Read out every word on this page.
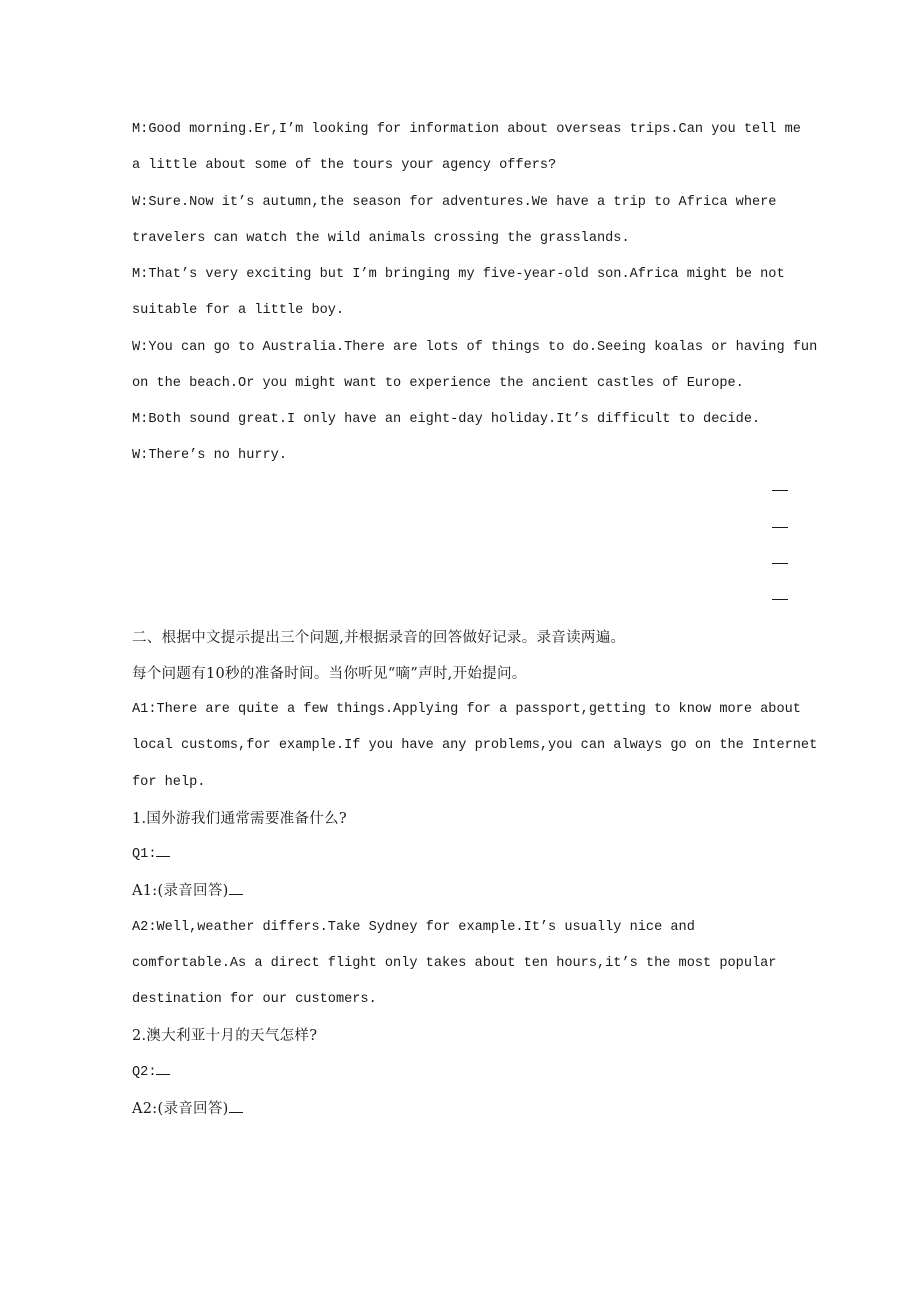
M:Good morning.Er,I’m looking for information about overseas trips.Can you tell me
a little about some of the tours your agency offers?
W:Sure.Now it’s autumn,the season for adventures.We have a trip to Africa where
travelers can watch the wild animals crossing the grasslands.
M:That’s very exciting but I’m bringing my five-year-old son.Africa might be not
suitable for a little boy.
W:You can go to Australia.There are lots of things to do.Seeing koalas or having fun
on the beach.Or you might want to experience the ancient castles of Europe.
M:Both sound great.I only have an eight-day holiday.It’s difficult to decide.
W:There’s no hurry.
二、根据中文提示提出三个问题,并根据录音的回答做好记录。录音读两遍。
每个问题有10秒的准备时间。当你听见“嘀”声时,开始提问。
A1:There are quite a few things.Applying for a passport,getting to know more about
local customs,for example.If you have any problems,you can always go on the Internet
for help.
1.国外游我们通常需要准备什么?
Q1:
A1:(录音回答)
A2:Well,weather differs.Take Sydney for example.It’s usually nice and
comfortable.As a direct flight only takes about ten hours,it’s the most popular
destination for our customers.
2.澳大利亚十月的天气怎样?
Q2:
A2:(录音回答)
